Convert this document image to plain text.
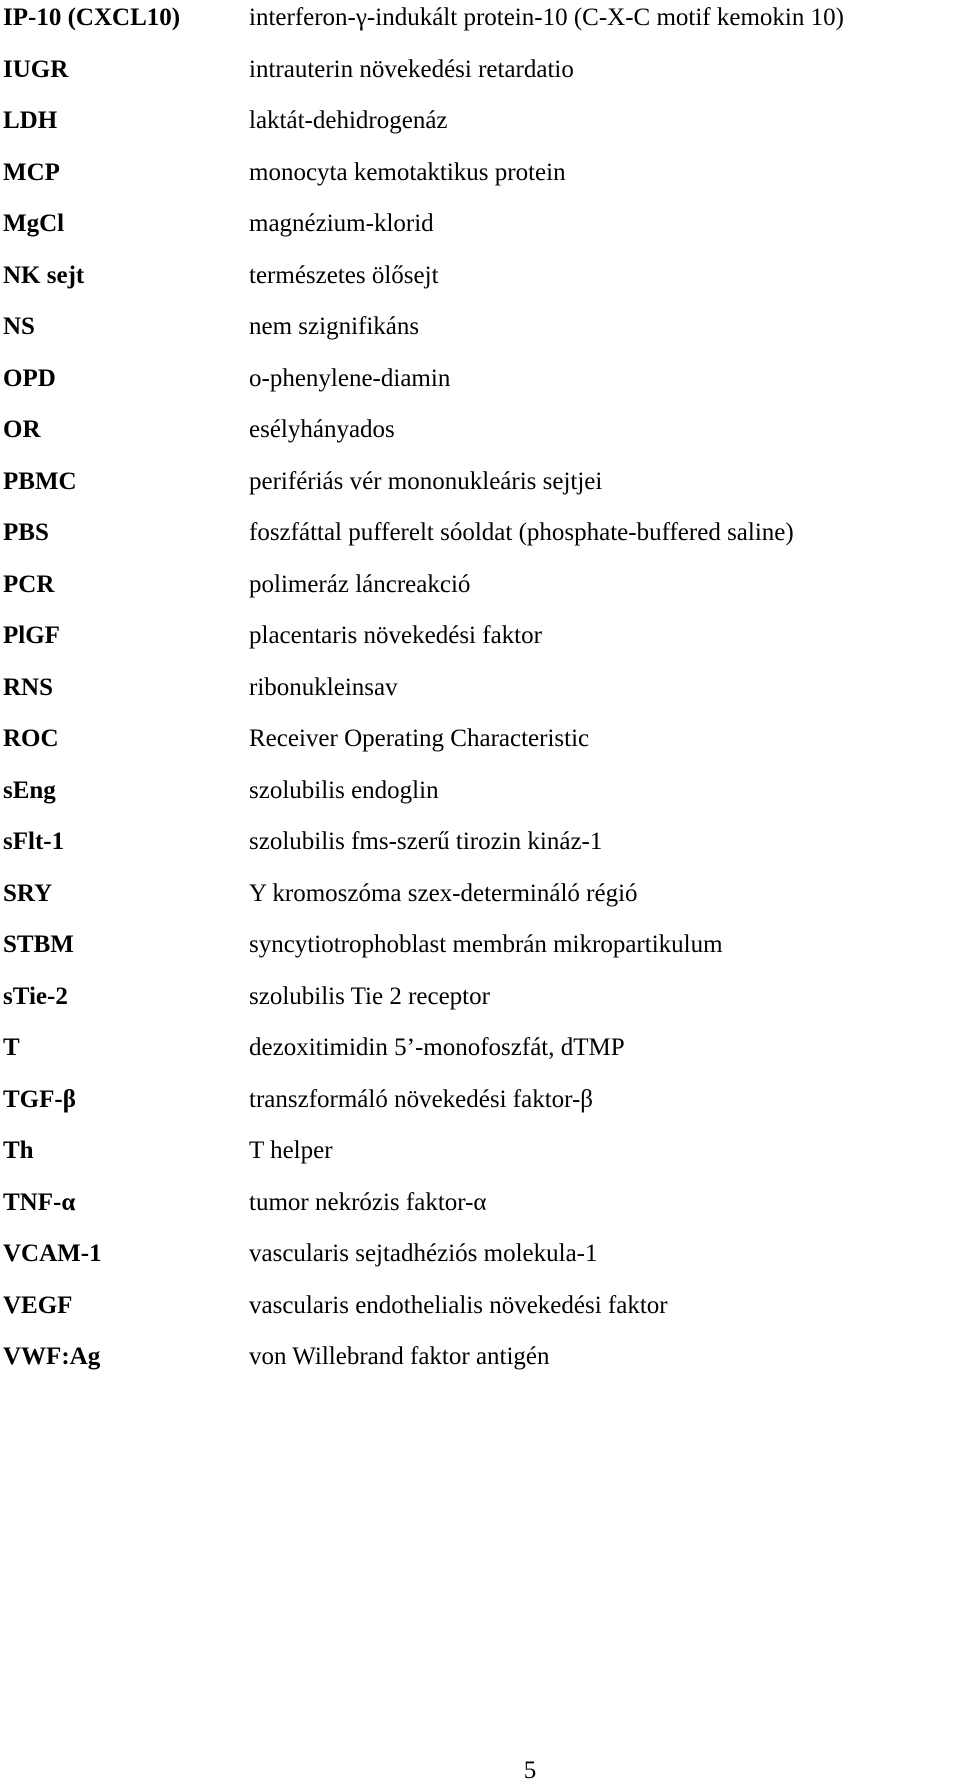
IP-10 (CXCL10)	interferon-γ-indukált protein-10 (C-X-C motif kemokin 10)
IUGR	intrauterin növekedési retardatio
LDH	laktát-dehidrogenáz
MCP	monocyta kemotaktikus protein
MgCl	magnézium-klorid
NK sejt	természetes ölősejt
NS	nem szignifikáns
OPD	o-phenylene-diamin
OR	esélyhányados
PBMC	perifériás vér mononukleáris sejtjei
PBS	foszfáttal pufferelt sóoldat (phosphate-buffered saline)
PCR	polimeráz láncreakció
PlGF	placentaris növekedési faktor
RNS	ribonukleinsav
ROC	Receiver Operating Characteristic
sEng	szolubilis endoglin
sFlt-1	szolubilis fms-szerű tirozin kináz-1
SRY	Y kromoszóma szex-determináló régió
STBM	syncytiotrophoblast membrán mikropartikulum
sTie-2	szolubilis Tie 2 receptor
T	dezoxitimidin 5’-monofoszfát, dTMP
TGF-β	transzformáló növekedési faktor-β
Th	T helper
TNF-α	tumor nekrózis faktor-α
VCAM-1	vascularis sejtadhéziós molekula-1
VEGF	vascularis endothelialis növekedési faktor
VWF:Ag	von Willebrand faktor antigén
5
